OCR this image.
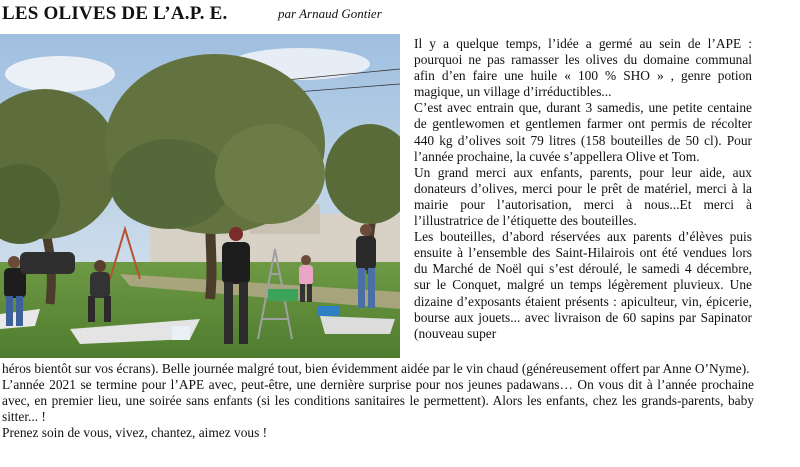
LES OLIVES DE L’A.P. E.	par Arnaud Gontier

Il y a quelque temps, l’idée a germé au sein de l’APE : pourquoi ne pas ramasser les olives du domaine communal afin d’en faire une huile « 100 % SHO » , genre potion magique, un village d’irréductibles...

C’est avec entrain que, durant 3 samedis, une petite centaine de gentlewomen et gentlemen farmer ont permis de récolter 440 kg d’olives soit 79 litres (158 bouteilles de 50 cl). Pour l’année prochaine, la cuvée s’appellera Olive et Tom.

Un grand merci aux enfants, parents, pour leur aide, aux donateurs d’olives, merci pour le prêt de matériel, merci à la mairie pour l’autorisation, merci à nous...Et merci à l’illustratrice de l’étiquette des bouteilles.

Les bouteilles, d’abord réservées aux parents d’élèves puis ensuite à l’ensemble des Saint-Hilairois ont été vendues lors du Marché de Noël qui s’est déroulé, le samedi 4 décembre, sur le Conquet, malgré un temps légèrement pluvieux. Une dizaine d’exposants étaient présents : apiculteur, vin, épicerie, bourse aux jouets... avec livraison de 60 sapins par Sapinator (nouveau super

héros bientôt sur vos écrans). Belle journée malgré tout, bien évidemment aidée par le vin chaud (généreusement offert par Anne O’Nyme).

L’année 2021 se termine pour l’APE avec, peut-être, une dernière surprise pour nos jeunes padawans… On vous dit à l’année prochaine avec, en premier lieu, une soirée sans enfants (si les conditions sanitaires le permettent). Alors les enfants, chez les grands-parents, baby sitter... !

Prenez soin de vous, vivez, chantez, aimez vous !
